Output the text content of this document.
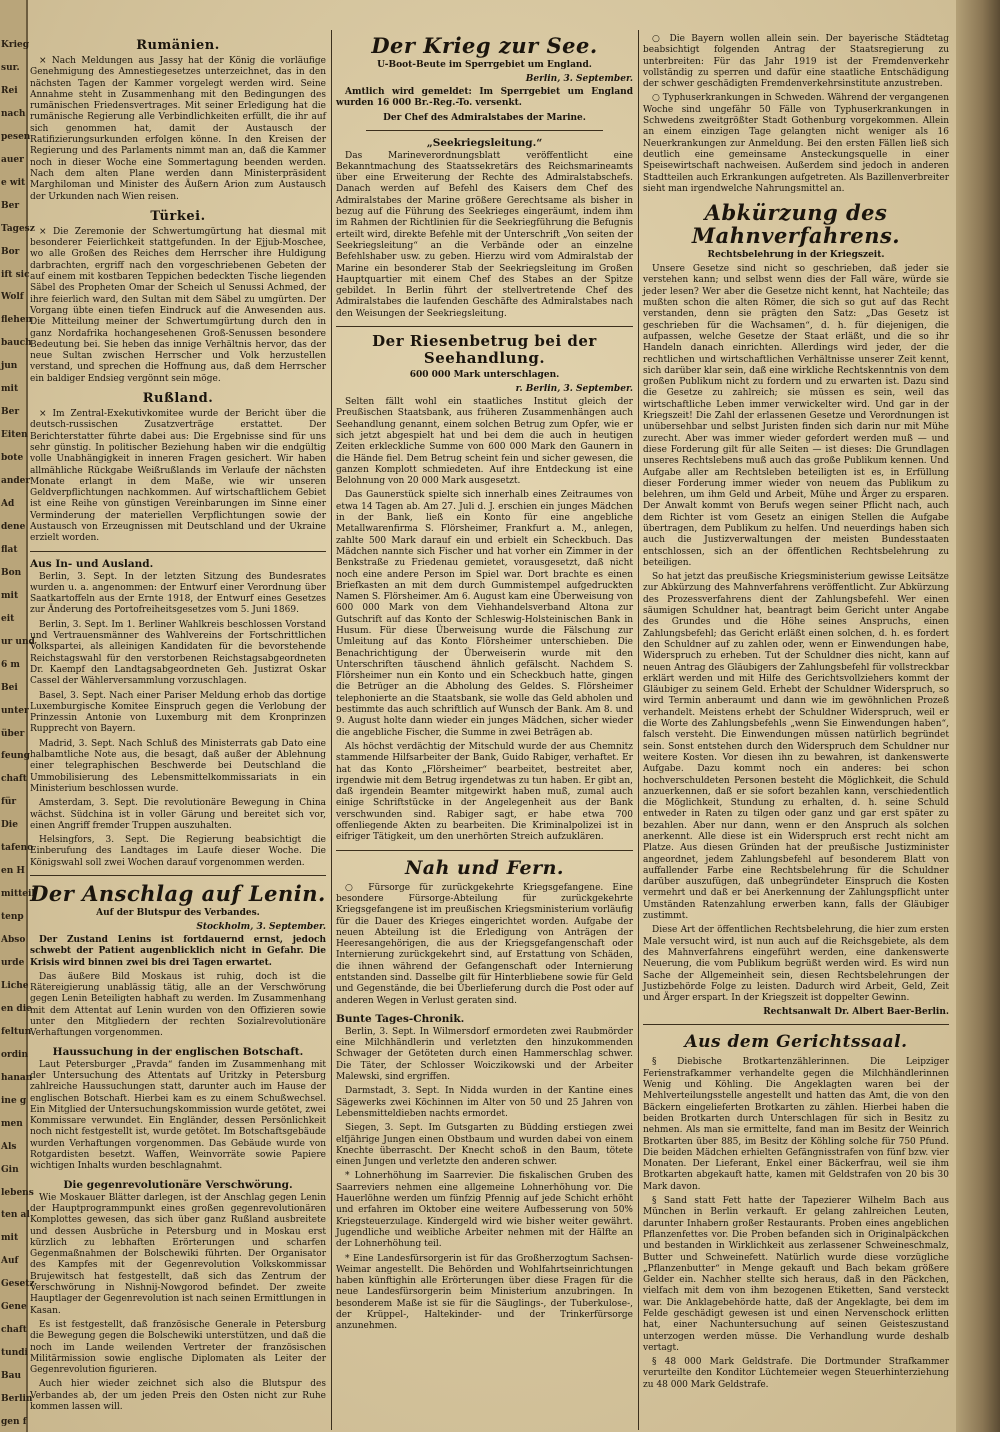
Krieg
sur.
Rei
nach
pesen
auer
e wit
Ber
Tagesz
Bor
ift sic
Wolf
flehen
bauch
jun
mit
Ber
Eiten
bote
ander
Ad
dene
flat
Bon
mit
eit
ur und
6 m
Bei
unter
über
feung
chaft
für
Die
tafeno
en H
mitteil
tenp
Abso
urde
Liche
en die
feltun
ordin
hanan
ine g
men
Als
Gin
lebens
ten al
mit
Auf
Gesetz
Gene
chaft
tundi
Bau
Berlin
gen f
Rumänien.

× Nach Meldungen aus Jassy hat der König die vorläufige Genehmigung des Amnestiegesetzes unterzeichnet, das in den nächsten Tagen der Kammer vorgelegt werden wird. Seine Annahme steht in Zusammenhang mit den Bedingungen des rumänischen Friedensvertrages. Mit seiner Erledigung hat die rumänische Regierung alle Verbindlichkeiten erfüllt, die ihr auf sich genommen hat, damit der Austausch der Ratifizierungsurkunden erfolgen könne. In den Kreisen der Regierung und des Parlaments nimmt man an, daß die Kammer noch in dieser Woche eine Sommertagung beenden werden. Nach dem alten Plane werden dann Ministerpräsident Marghiloman und Minister des Äußern Arion zum Austausch der Urkunden nach Wien reisen.

Türkei.

× Die Zeremonie der Schwertumgürtung hat diesmal mit besonderer Feierlichkeit stattgefunden. In der Ejjub-Moschee, wo alle Großen des Reiches dem Herrscher ihre Huldigung darbrachten, ergriff nach den vorgeschriebenen Gebeten der auf einem mit kostbaren Teppichen bedeckten Tische liegenden Säbel des Propheten Omar der Scheich ul Senussi Achmed, der ihre feierlich ward, den Sultan mit dem Säbel zu umgürten. Der Vorgang übte einen tiefen Eindruck auf die Anwesenden aus. Die Mitteilung meiner der Schwertumgürtung durch den in ganz Nordafrika hochangesehenen Groß-Senussen besondere Bedeutung bei. Sie heben das innige Verhältnis hervor, das der neue Sultan zwischen Herrscher und Volk herzustellen verstand, und sprechen die Hoffnung aus, daß dem Herrscher ein baldiger Endsieg vergönnt sein möge.

Rußland.

× Im Zentral-Exekutivkomitee wurde der Bericht über die deutsch-russischen Zusatzverträge erstattet. Der Berichterstatter führte dabei aus: Die Ergebnisse sind für uns sehr günstig. In politischer Beziehung haben wir die endgültig volle Unabhängigkeit in inneren Fragen gesichert. Wir haben allmähliche Rückgabe Weißrußlands im Verlaufe der nächsten Monate erlangt in dem Maße, wie wir unseren Geldverpflichtungen nachkommen. Auf wirtschaftlichem Gebiet ist eine Reihe von günstigen Vereinbarungen im Sinne einer Verminderung der materiellen Verpflichtungen sowie der Austausch von Erzeugnissen mit Deutschland und der Ukraine erzielt worden.

Aus In- und Ausland.

Berlin, 3. Sept. In der letzten Sitzung des Bundesrates wurden u. a. angenommen: der Entwurf einer Verordnung über Saatkartoffeln aus der Ernte 1918, der Entwurf eines Gesetzes zur Änderung des Portofreiheitsgesetzes vom 5. Juni 1869.

Berlin, 3. Sept. Im 1. Berliner Wahlkreis beschlossen Vorstand und Vertrauensmänner des Wahlvereins der Fortschrittlichen Volkspartei, als alleinigen Kandidaten für die bevorstehende Reichstagswahl für den verstorbenen Reichstagsabgeordneten Dr. Kaempf den Landtagsabgeordneten Geh. Justizrat Oskar Cassel der Wählerversammlung vorzuschlagen.

Basel, 3. Sept. Nach einer Pariser Meldung erhob das dortige Luxemburgische Komitee Einspruch gegen die Verlobung der Prinzessin Antonie von Luxemburg mit dem Kronprinzen Rupprecht von Bayern.

Madrid, 3. Sept. Nach Schluß des Ministerrats gab Dato eine halbamtliche Note aus, die besagt, daß außer der Ablehnung einer telegraphischen Beschwerde bei Deutschland die Ummobilisierung des Lebensmittelkommissariats in ein Ministerium beschlossen wurde.

Amsterdam, 3. Sept. Die revolutionäre Bewegung in China wächst. Südchina ist in voller Gärung und bereitet sich vor, einen Angriff fremder Truppen auszuhalten.

Helsingfors, 3. Sept. Die Regierung beabsichtigt die Einberufung des Landtages im Laufe dieser Woche. Die Königswahl soll zwei Wochen darauf vorgenommen werden.

Der Anschlag auf Lenin.
Auf der Blutspur des Verbandes.
Stockholm, 3. September.

Der Zustand Lenins ist fortdauernd ernst, jedoch schwebt der Patient augenblicklich nicht in Gefahr. Die Krisis wird binnen zwei bis drei Tagen erwartet.

Das äußere Bild Moskaus ist ruhig, doch ist die Rätereigierung unablässig tätig, alle an der Verschwörung gegen Lenin Beteiligten habhaft zu werden. Im Zusammenhang mit dem Attentat auf Lenin wurden von den Offizieren sowie unter den Mitgliedern der rechten Sozialrevolutionäre Verhaftungen vorgenommen.

Haussuchung in der englischen Botschaft.

Laut Petersburger „Pravda“ fanden im Zusammenhang mit der Untersuchung des Attentats auf Uritzky in Petersburg zahlreiche Haussuchungen statt, darunter auch im Hause der englischen Botschaft. Hierbei kam es zu einem Schußwechsel. Ein Mitglied der Untersuchungskommission wurde getötet, zwei Kommissare verwundet. Ein Engländer, dessen Persönlichkeit noch nicht festgestellt ist, wurde getötet. Im Botschaftsgebäude wurden Verhaftungen vorgenommen. Das Gebäude wurde von Rotgardisten besetzt. Waffen, Weinvorräte sowie Papiere wichtigen Inhalts wurden beschlagnahmt.

Die gegenrevolutionäre Verschwörung.

Wie Moskauer Blätter darlegen, ist der Anschlag gegen Lenin der Hauptprogrammpunkt eines großen gegenrevolutionären Komplottes gewesen, das sich über ganz Rußland ausbreitete und dessen Ausbrüche in Petersburg und in Moskau erst kürzlich zu lebhaften Erörterungen und scharfen Gegenmaßnahmen der Bolschewiki führten. Der Organisator des Kampfes mit der Gegenrevolution Volkskommissar Brujewitsch hat festgestellt, daß sich das Zentrum der Verschwörung in Nishnij-Nowgorod befindet. Der zweite Hauptlager der Gegenrevolution ist nach seinen Ermittlungen in Kasan.

Es ist festgestellt, daß französische Generale in Petersburg die Bewegung gegen die Bolschewiki unterstützen, und daß die noch im Lande weilenden Vertreter der französischen Militärmission sowie englische Diplomaten als Leiter der Gegenrevolution figurieren.

Auch hier wieder zeichnet sich also die Blutspur des Verbandes ab, der um jeden Preis den Osten nicht zur Ruhe kommen lassen will.

Der Krieg zur See.
U-Boot-Beute im Sperrgebiet um England.
Berlin, 3. September.

Amtlich wird gemeldet: Im Sperrgebiet um England wurden 16 000 Br.-Reg.-To. versenkt.

Der Chef des Admiralstabes der Marine.
„Seekriegsleitung.“

Das Marineverordnungsblatt veröffentlicht eine Bekanntmachung des Staatssekretärs des Reichsmarineamts über eine Erweiterung der Rechte des Admiralstabschefs. Danach werden auf Befehl des Kaisers dem Chef des Admiralstabes der Marine größere Gerechtsame als bisher in bezug auf die Führung des Seekrieges eingeräumt, indem ihm im Rahmen der Richtlinien für die Seekriegführung die Befugnis erteilt wird, direkte Befehle mit der Unterschrift „Von seiten der Seekriegsleitung“ an die Verbände oder an einzelne Befehlshaber usw. zu geben. Hierzu wird vom Admiralstab der Marine ein besonderer Stab der Seekriegsleitung im Großen Hauptquartier mit einem Chef des Stabes an der Spitze gebildet. In Berlin führt der stellvertretende Chef des Admiralstabes die laufenden Geschäfte des Admiralstabes nach den Weisungen der Seekriegsleitung.

Der Riesenbetrug bei der Seehandlung.
600 000 Mark unterschlagen.
r. Berlin, 3. September.

Selten fällt wohl ein staatliches Institut gleich der Preußischen Staatsbank, aus früheren Zusammenhängen auch Seehandlung genannt, einem solchen Betrug zum Opfer, wie er sich jetzt abgespielt hat und bei dem die auch in heutigen Zeiten erkleckliche Summe von 600 000 Mark den Gaunern in die Hände fiel. Dem Betrug scheint fein und sicher gewesen, die ganzen Komplott schmiedeten. Auf ihre Entdeckung ist eine Belohnung von 20 000 Mark ausgesetzt.

Das Gaunerstück spielte sich innerhalb eines Zeitraumes von etwa 14 Tagen ab. Am 27. Juli d. J. erschien ein junges Mädchen in der Bank, ließ ein Konto für eine angebliche Metallwarenfirma S. Flörsheimer, Frankfurt a. M., anlegen, zahlte 500 Mark darauf ein und erbielt ein Scheckbuch. Das Mädchen nannte sich Fischer und hat vorher ein Zimmer in der Benkstraße zu Friedenau gemietet, vorausgesetzt, daß nicht noch eine andere Person im Spiel war. Dort brachte es einen Briefkasten an mit dem durch Gummistempel aufgedruckten Namen S. Flörsheimer. Am 6. August kam eine Überweisung von 600 000 Mark von dem Viehhandelsverband Altona zur Gutschrift auf das Konto der Schleswig-Holsteinischen Bank in Husum. Für diese Überweisung wurde die Fälschung zur Umleitung auf das Konto Flörsheimer unterschieben. Die Benachrichtigung der Überweiserin wurde mit den Unterschriften täuschend ähnlich gefälscht. Nachdem S. Flörsheimer nun ein Konto und ein Scheckbuch hatte, gingen die Betrüger an die Abholung des Geldes. S. Flörsheimer telephonierte an die Staatsbank, sie wolle das Geld abholen und bestimmte das auch schriftlich auf Wunsch der Bank. Am 8. und 9. August holte dann wieder ein junges Mädchen, sicher wieder die angebliche Fischer, die Summe in zwei Beträgen ab.

Als höchst verdächtig der Mitschuld wurde der aus Chemnitz stammende Hilfsarbeiter der Bank, Guido Rabiger, verhaftet. Er hat das Konto „Flörsheimer“ bearbeitet, bestreitet aber, irgendwie mit dem Betrug irgendetwas zu tun haben. Er gibt an, daß irgendein Beamter mitgewirkt haben muß, zumal auch einige Schriftstücke in der Angelegenheit aus der Bank verschwunden sind. Rabiger sagt, er habe etwa 700 offenliegende Akten zu bearbeiten. Die Kriminalpolizei ist in eifriger Tätigkeit, um den unerhörten Streich aufzuklären.

Nah und Fern.

○ Fürsorge für zurückgekehrte Kriegsgefangene. Eine besondere Fürsorge-Abteilung für zurückgekehrte Kriegsgefangene ist im preußischen Kriegsministerium vorläufig für die Dauer des Krieges eingerichtet worden. Aufgabe der neuen Abteilung ist die Erledigung von Anträgen der Heeresangehörigen, die aus der Kriegsgefangenschaft oder Internierung zurückgekehrt sind, auf Erstattung von Schäden, die ihnen während der Gefangenschaft oder Internierung entstanden sind. Dasselbe gilt für Hinterbliebene sowie für Geld und Gegenstände, die bei Überlieferung durch die Post oder auf anderen Wegen in Verlust geraten sind.

Bunte Tages-Chronik.

Berlin, 3. Sept. In Wilmersdorf ermordeten zwei Raubmörder eine Milchhändlerin und verletzten den hinzukommenden Schwager der Getöteten durch einen Hammerschlag schwer. Die Täter, der Schlosser Woiczikowski und der Arbeiter Malewski, sind ergriffen.

Darmstadt, 3. Sept. In Nidda wurden in der Kantine eines Sägewerks zwei Köchinnen im Alter von 50 und 25 Jahren von Lebensmitteldieben nachts ermordet.

Siegen, 3. Sept. Im Gutsgarten zu Büdding erstiegen zwei elfjährige Jungen einen Obstbaum und wurden dabei von einem Knechte überrascht. Der Knecht schoß in den Baum, tötete einen Jungen und verletzte den anderen schwer.

* Lohnerhöhung im Saarrevier. Die fiskalischen Gruben des Saarreviers nehmen eine allgemeine Lohnerhöhung vor. Die Hauerlöhne werden um fünfzig Pfennig auf jede Schicht erhöht und erfahren im Oktober eine weitere Aufbesserung von 50% Kriegsteuerzulage. Kindergeld wird wie bisher weiter gewährt. Jugendliche und weibliche Arbeiter nehmen mit der Hälfte an der Lohnerhöhung teil.

* Eine Landesfürsorgerin ist für das Großherzogtum Sachsen-Weimar angestellt. Die Behörden und Wohlfahrtseinrichtungen haben künftighin alle Erörterungen über diese Fragen für die neue Landesfürsorgerin beim Ministerium anzubringen. In besonderem Maße ist sie für die Säuglings-, der Tuberkulose-, der Krüppel-, Haltekinder- und der Trinkerfürsorge anzunehmen.

○ Die Bayern wollen allein sein. Der bayerische Städtetag beabsichtigt folgenden Antrag der Staatsregierung zu unterbreiten: Für das Jahr 1919 ist der Fremdenverkehr vollständig zu sperren und dafür eine staatliche Entschädigung der schwer geschädigten Fremdenverkehrsinstitute anzustreben.

○ Typhuserkrankungen in Schweden. Während der vergangenen Woche sind ungefähr 50 Fälle von Typhuserkrankungen in Schwedens zweitgrößter Stadt Gothenburg vorgekommen. Allein an einem einzigen Tage gelangten nicht weniger als 16 Neuerkrankungen zur Anmeldung. Bei den ersten Fällen ließ sich deutlich eine gemeinsame Ansteckungsquelle in einer Speisewirtschaft nachweisen. Außerdem sind jedoch in anderen Stadtteilen auch Erkrankungen aufgetreten. Als Bazillenverbreiter sieht man irgendwelche Nahrungsmittel an.

Abkürzung des Mahnverfahrens.
Rechtsbelehrung in der Kriegszeit.

Unsere Gesetze sind nicht so geschrieben, daß jeder sie verstehen kann; und selbst wenn dies der Fall wäre, würde sie jeder lesen? Wer aber die Gesetze nicht kennt, hat Nachteile; das mußten schon die alten Römer, die sich so gut auf das Recht verstanden, denn sie prägten den Satz: „Das Gesetz ist geschrieben für die Wachsamen“, d. h. für diejenigen, die aufpassen, welche Gesetze der Staat erläßt, und die so ihr Handeln danach einrichten. Allerdings wird jeder, der die rechtlichen und wirtschaftlichen Verhältnisse unserer Zeit kennt, sich darüber klar sein, daß eine wirkliche Rechtskenntnis von dem großen Publikum nicht zu fordern und zu erwarten ist. Dazu sind die Gesetze zu zahlreich; sie müssen es sein, weil das wirtschaftliche Leben immer verwickelter wird. Und gar in der Kriegszeit! Die Zahl der erlassenen Gesetze und Verordnungen ist unübersehbar und selbst Juristen finden sich darin nur mit Mühe zurecht. Aber was immer wieder gefordert werden muß — und diese Forderung gilt für alle Seiten — ist dieses: Die Grundlagen unseres Rechtslebens muß auch das große Publikum kennen. Und Aufgabe aller am Rechtsleben beteiligten ist es, in Erfüllung dieser Forderung immer wieder von neuem das Publikum zu belehren, um ihm Geld und Arbeit, Mühe und Ärger zu ersparen. Der Anwalt kommt von Berufs wegen seiner Pflicht nach, auch dem Richter ist vom Gesetz an einigen Stellen die Aufgabe übertragen, dem Publikum zu helfen. Und neuerdings haben sich auch die Justizverwaltungen der meisten Bundesstaaten entschlossen, sich an der öffentlichen Rechtsbelehrung zu beteiligen.

So hat jetzt das preußische Kriegsministerium gewisse Leitsätze zur Abkürzung des Mahnverfahrens veröffentlicht. Zur Abkürzung des Prozessverfahrens dient der Zahlungsbefehl. Wer einen säumigen Schuldner hat, beantragt beim Gericht unter Angabe des Grundes und die Höhe seines Anspruchs, einen Zahlungsbefehl; das Gericht erläßt einen solchen, d. h. es fordert den Schuldner auf zu zahlen oder, wenn er Einwendungen habe, Widerspruch zu erheben. Tut der Schuldner dies nicht, kann auf neuen Antrag des Gläubigers der Zahlungsbefehl für vollstreckbar erklärt werden und mit Hilfe des Gerichtsvollziehers kommt der Gläubiger zu seinem Geld. Erhebt der Schuldner Widerspruch, so wird Termin anberaumt und dann wie im gewöhnlichen Prozeß verhandelt. Meistens erhebt der Schuldner Widerspruch, weil er die Worte des Zahlungsbefehls „wenn Sie Einwendungen haben“, falsch versteht. Die Einwendungen müssen natürlich begründet sein. Sonst entstehen durch den Widerspruch dem Schuldner nur weitere Kosten. Vor diesen ihn zu bewahren, ist dankenswerte Aufgabe. Dazu kommt noch ein anderes: bei schon hochverschuldeten Personen besteht die Möglichkeit, die Schuld anzuerkennen, daß er sie sofort bezahlen kann, verschiedentlich die Möglichkeit, Stundung zu erhalten, d. h. seine Schuld entweder in Raten zu tilgen oder ganz und gar erst später zu bezahlen. Aber nur dann, wenn er den Anspruch als solchen anerkennt. Alle diese ist ein Widerspruch erst recht nicht am Platze. Aus diesen Gründen hat der preußische Justizminister angeordnet, jedem Zahlungsbefehl auf besonderem Blatt von auffallender Farbe eine Rechtsbelehrung für die Schuldner darüber auszufügen, daß unbegründeter Einspruch die Kosten vermehrt und daß er bei Anerkennung der Zahlungspflicht unter Umständen Ratenzahlung erwerben kann, falls der Gläubiger zustimmt.

Diese Art der öffentlichen Rechtsbelehrung, die hier zum ersten Male versucht wird, ist nun auch auf die Reichsgebiete, als dem des Mahnverfahrens eingeführt werden, eine dankenswerte Neuerung, die vom Publikum begrüßt werden wird. Es wird nun Sache der Allgemeinheit sein, diesen Rechtsbelehrungen der Justizbehörde Folge zu leisten. Dadurch wird Arbeit, Geld, Zeit und Ärger erspart. In der Kriegszeit ist doppelter Gewinn.

Rechtsanwalt Dr. Albert Baer-Berlin.
Aus dem Gerichtssaal.

§ Diebische Brotkartenzählerinnen. Die Leipziger Ferienstrafkammer verhandelte gegen die Milchhändlerinnen Wenig und Köhling. Die Angeklagten waren bei der Mehlverteilungsstelle angestellt und hatten das Amt, die von den Bäckern eingelieferten Brotkarten zu zählen. Hierbei haben die beiden Brotkarten durch Unterschlagen für sich in Besitz zu nehmen. Als man sie ermittelte, fand man im Besitz der Weinrich Brotkarten über 885, im Besitz der Köhling solche für 750 Pfund. Die beiden Mädchen erhielten Gefängnisstrafen von fünf bzw. vier Monaten. Der Lieferant, Enkel einer Bäckerfrau, weil sie ihm Brotkarten abgekauft hatte, kamen mit Geldstrafen von 20 bis 30 Mark davon.

§ Sand statt Fett hatte der Tapezierer Wilhelm Bach aus München in Berlin verkauft. Er gelang zahlreichen Leuten, darunter Inhabern großer Restaurants. Proben eines angeblichen Pflanzenfettes vor. Die Proben befanden sich in Originalpäckchen und bestanden in Wirklichkeit aus zerlassener Schweineschmalz, Butter und Schweinefett. Natürlich wurde diese vorzügliche „Pflanzenbutter“ in Menge gekauft und Bach bekam größere Gelder ein. Nachher stellte sich heraus, daß in den Päckchen, vielfach mit dem von ihm bezogenen Etiketten, Sand versteckt war. Die Anklagebehörde hatte, daß der Angeklagte, bei dem im Felde geschädigt gewesen ist und einen Nervenschock erlitten hat, einer Nachuntersuchung auf seinen Geisteszustand unterzogen werden müsse. Die Verhandlung wurde deshalb vertagt.

§ 48 000 Mark Geldstrafe. Die Dortmunder Strafkammer verurteilte den Konditor Lüchtemeier wegen Steuerhinterziehung zu 48 000 Mark Geldstrafe.
